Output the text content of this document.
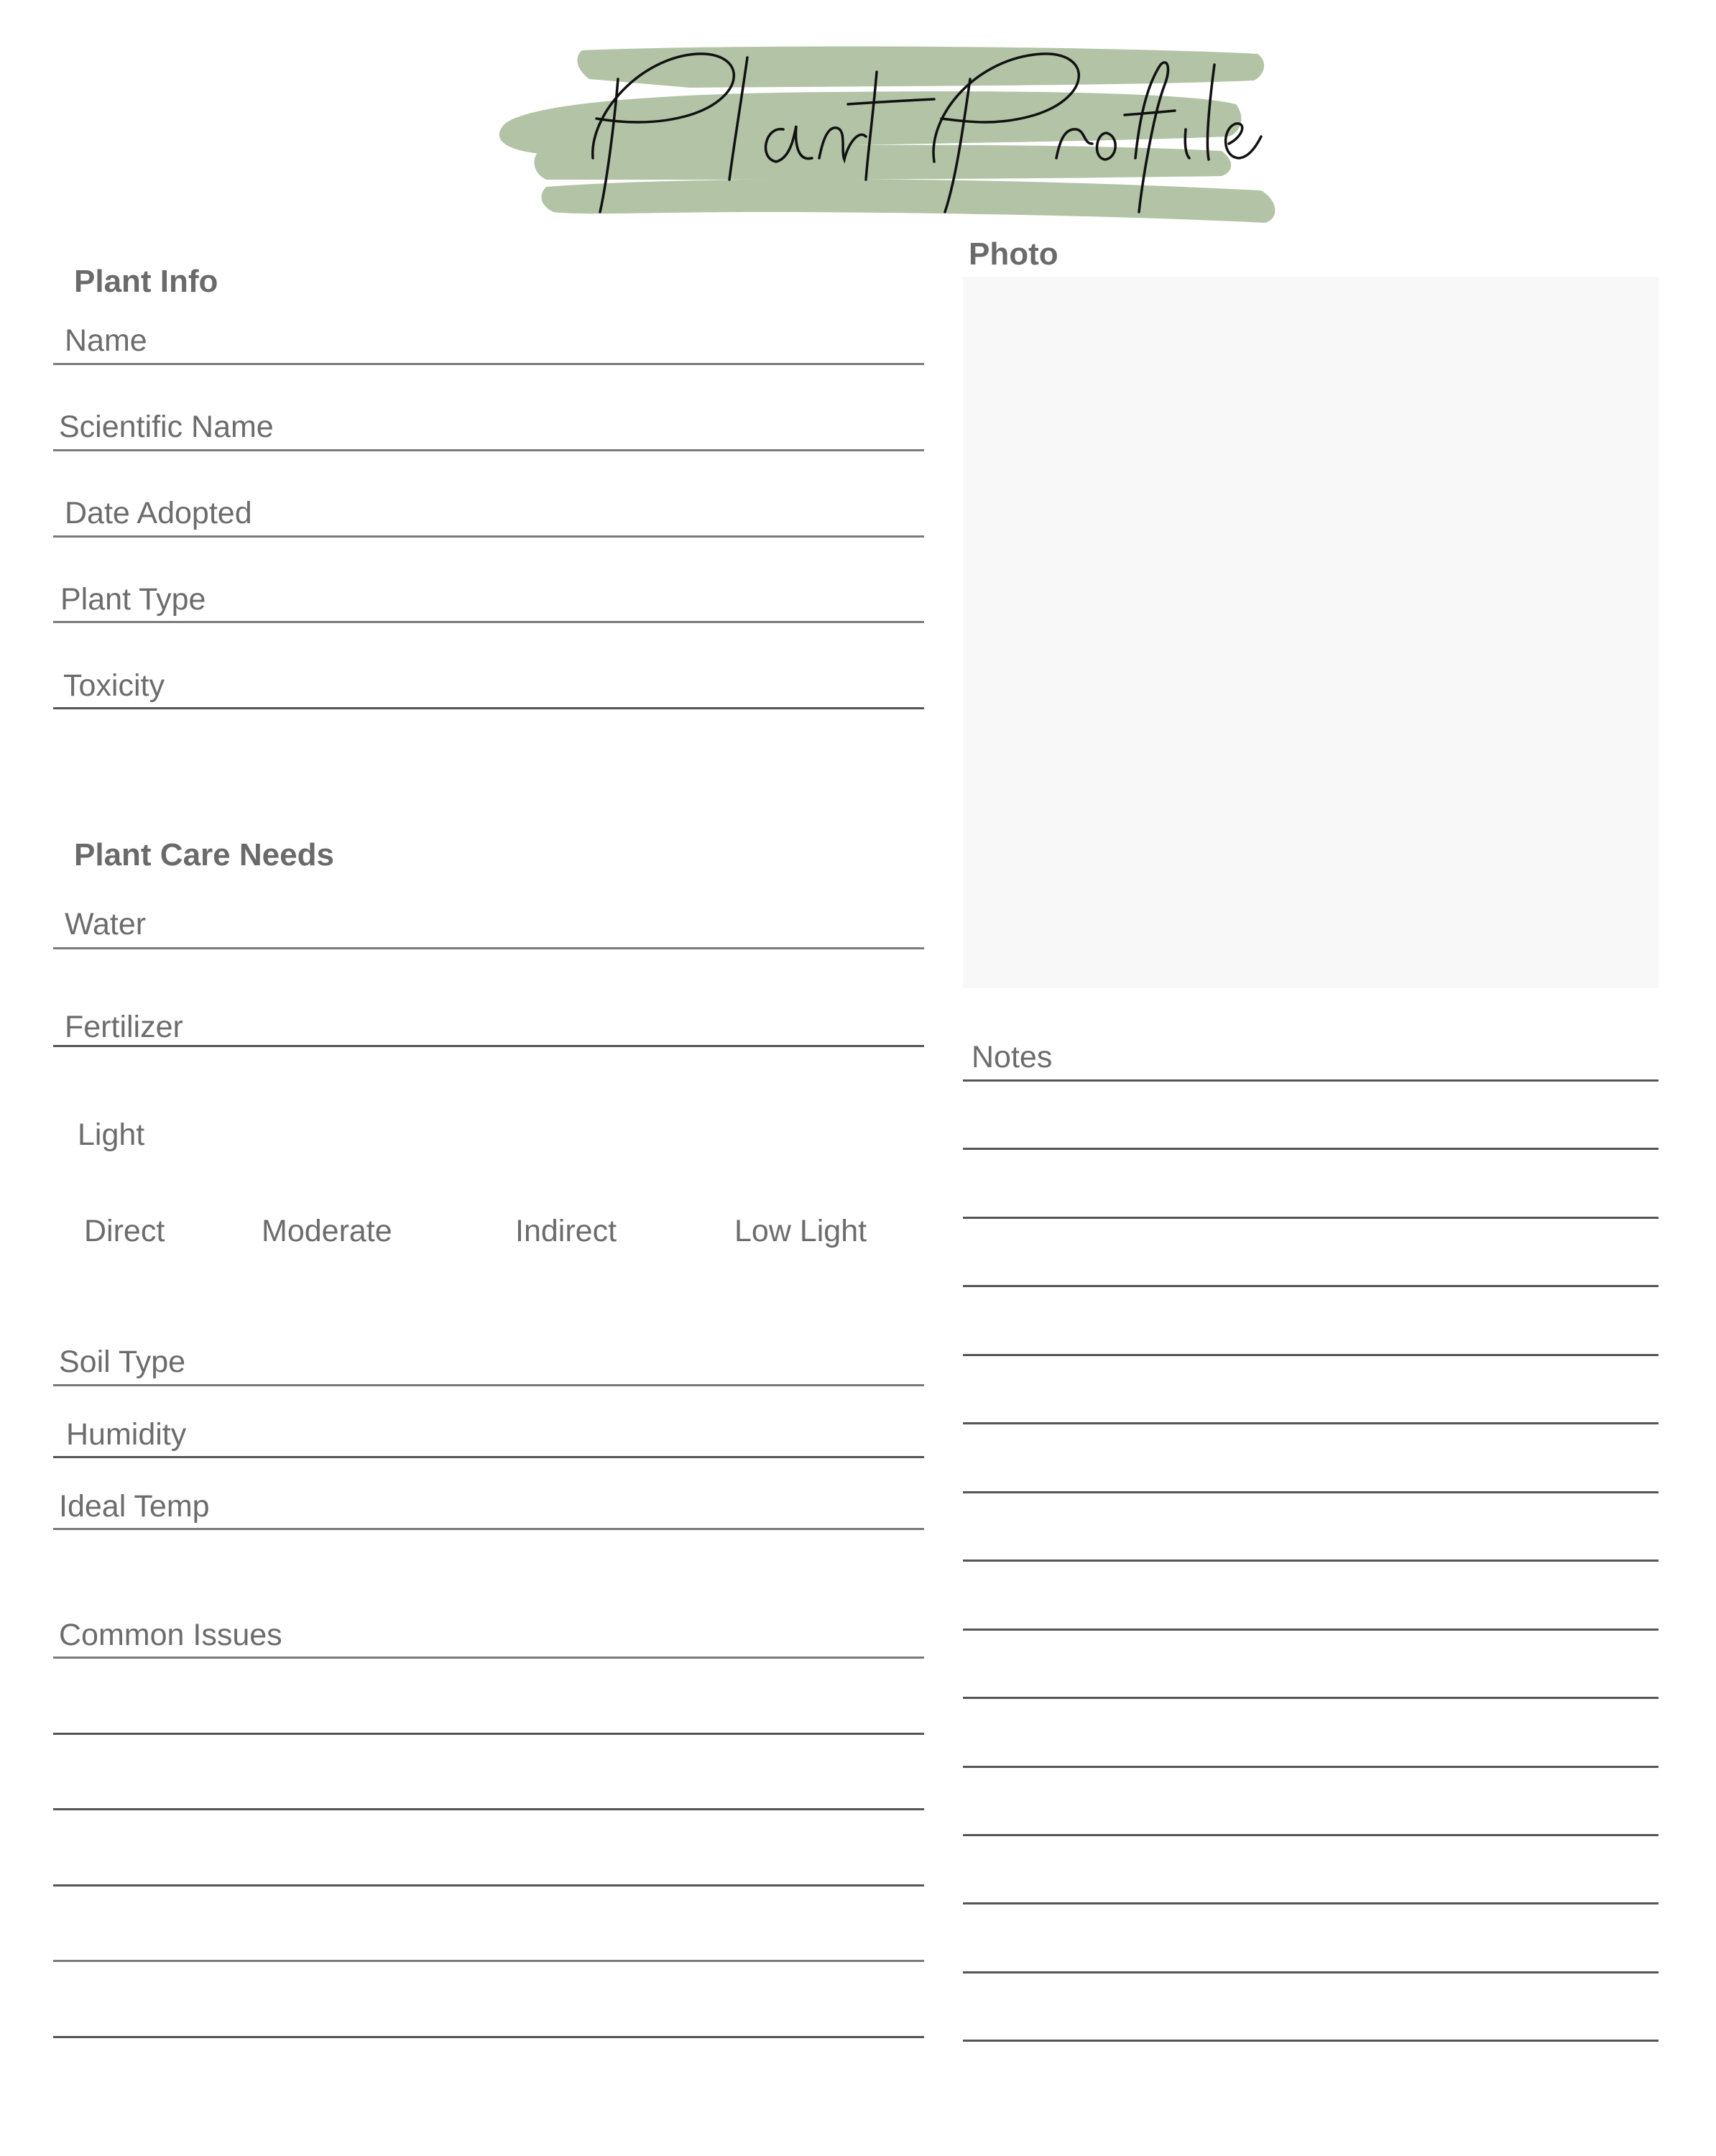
Plant Info
Name
Scientific Name
Date Adopted
Plant Type
Toxicity
Plant Care Needs
Water
Fertilizer
Light
Direct	Moderate	Indirect	Low Light
Soil Type
Humidity
Ideal Temp
Common Issues
Photo
Notes
